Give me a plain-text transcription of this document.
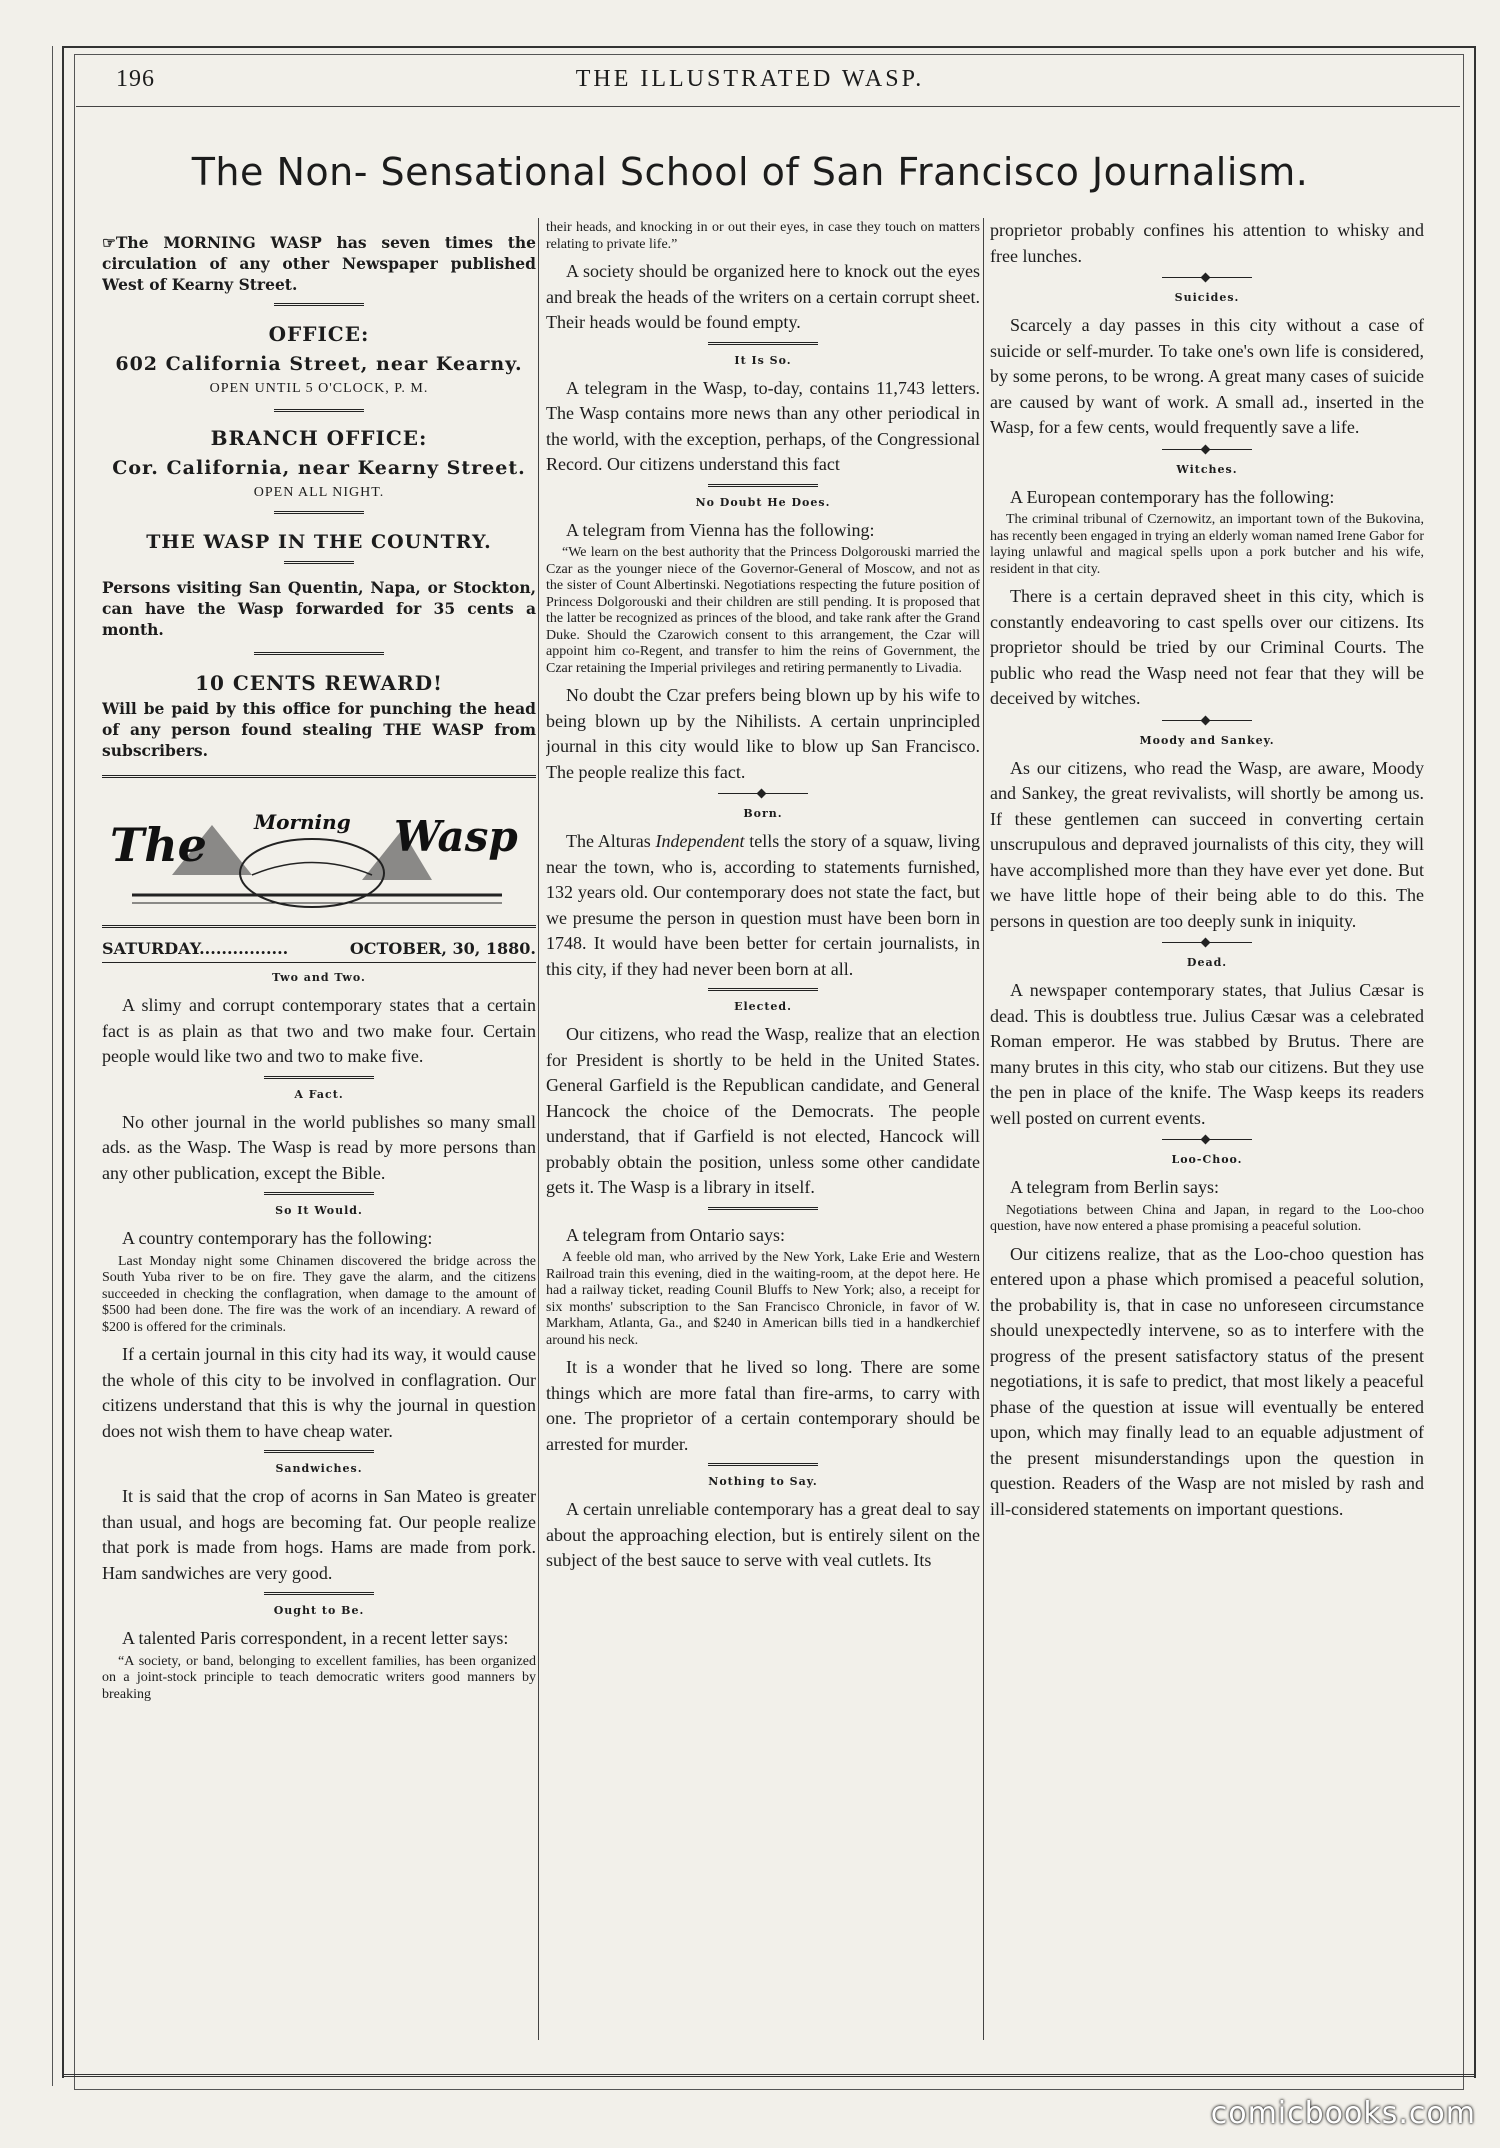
196	THE ILLUSTRATED WASP.
The Non- Sensational School of San Francisco Journalism.
☞The MORNING WASP has seven times the circulation of any other Newspaper published West of Kearny Street.
OFFICE:
602 California Street, near Kearny.
OPEN UNTIL 5 O'CLOCK, P. M.
BRANCH OFFICE:
Cor. California, near Kearny Street.
OPEN ALL NIGHT.
THE WASP IN THE COUNTRY.
Persons visiting San Quentin, Napa, or Stockton, can have the Wasp forwarded for 35 cents a month.
10 CENTS REWARD!
Will be paid by this office for punching the head of any person found stealing THE WASP from subscribers.
The Morning Wasp
SATURDAY................	OCTOBER, 30, 1880.
Two and Two.

A slimy and corrupt contemporary states that a certain fact is as plain as that two and two make four. Certain people would like two and two to make five.

A Fact.

No other journal in the world publishes so many small ads. as the Wasp. The Wasp is read by more persons than any other publication, except the Bible.

So It Would.

A country contemporary has the following:

Last Monday night some Chinamen discovered the bridge across the South Yuba river to be on fire. They gave the alarm, and the citizens succeeded in checking the conflagration, when damage to the amount of $500 had been done. The fire was the work of an incendiary. A reward of $200 is offered for the criminals.

If a certain journal in this city had its way, it would cause the whole of this city to be involved in conflagration. Our citizens understand that this is why the journal in question does not wish them to have cheap water.

Sandwiches.

It is said that the crop of acorns in San Mateo is greater than usual, and hogs are becoming fat. Our people realize that pork is made from hogs. Hams are made from pork. Ham sandwiches are very good.

Ought to Be.

A talented Paris correspondent, in a recent letter says:

“A society, or band, belonging to excellent families, has been organized on a joint-stock principle to teach democratic writers good manners by breaking
their heads, and knocking in or out their eyes, in case they touch on matters relating to private life.”

A society should be organized here to knock out the eyes and break the heads of the writers on a certain corrupt sheet. Their heads would be found empty.

It Is So.

A telegram in the Wasp, to-day, contains 11,743 letters. The Wasp contains more news than any other periodical in the world, with the exception, perhaps, of the Congressional Record. Our citizens understand this fact

No Doubt He Does.

A telegram from Vienna has the following:

“We learn on the best authority that the Princess Dolgorouski married the Czar as the younger niece of the Governor-General of Moscow, and not as the sister of Count Albertinski. Negotiations respecting the future position of Princess Dolgorouski and their children are still pending. It is proposed that the latter be recognized as princes of the blood, and take rank after the Grand Duke. Should the Czarowich consent to this arrangement, the Czar will appoint him co-Regent, and transfer to him the reins of Government, the Czar retaining the Imperial privileges and retiring permanently to Livadia.

No doubt the Czar prefers being blown up by his wife to being blown up by the Nihilists. A certain unprincipled journal in this city would like to blow up San Francisco. The people realize this fact.

Born.

The Alturas Independent tells the story of a squaw, living near the town, who is, according to statements furnished, 132 years old. Our contemporary does not state the fact, but we presume the person in question must have been born in 1748. It would have been better for certain journalists, in this city, if they had never been born at all.

Elected.

Our citizens, who read the Wasp, realize that an election for President is shortly to be held in the United States. General Garfield is the Republican candidate, and General Hancock the choice of the Democrats. The people understand, that if Garfield is not elected, Hancock will probably obtain the position, unless some other candidate gets it. The Wasp is a library in itself.

A telegram from Ontario says:

A feeble old man, who arrived by the New York, Lake Erie and Western Railroad train this evening, died in the waiting-room, at the depot here. He had a railway ticket, reading Counil Bluffs to New York; also, a receipt for six months' subscription to the San Francisco Chronicle, in favor of W. Markham, Atlanta, Ga., and $240 in American bills tied in a handkerchief around his neck.

It is a wonder that he lived so long. There are some things which are more fatal than fire-arms, to carry with one. The proprietor of a certain contemporary should be arrested for murder.

Nothing to Say.

A certain unreliable contemporary has a great deal to say about the approaching election, but is entirely silent on the subject of the best sauce to serve with veal cutlets. Its

proprietor probably confines his attention to whisky and free lunches.

Suicides.

Scarcely a day passes in this city without a case of suicide or self-murder. To take one's own life is considered, by some perons, to be wrong. A great many cases of suicide are caused by want of work. A small ad., inserted in the Wasp, for a few cents, would frequently save a life.

Witches.

A European contemporary has the following:

The criminal tribunal of Czernowitz, an important town of the Bukovina, has recently been engaged in trying an elderly woman named Irene Gabor for laying unlawful and magical spells upon a pork butcher and his wife, resident in that city.

There is a certain depraved sheet in this city, which is constantly endeavoring to cast spells over our citizens. Its proprietor should be tried by our Criminal Courts. The public who read the Wasp need not fear that they will be deceived by witches.

Moody and Sankey.

As our citizens, who read the Wasp, are aware, Moody and Sankey, the great revivalists, will shortly be among us. If these gentlemen can succeed in converting certain unscrupulous and depraved journalists of this city, they will have accomplished more than they have ever yet done. But we have little hope of their being able to do this. The persons in question are too deeply sunk in iniquity.

Dead.

A newspaper contemporary states, that Julius Cæsar is dead. This is doubtless true. Julius Cæsar was a celebrated Roman emperor. He was stabbed by Brutus. There are many brutes in this city, who stab our citizens. But they use the pen in place of the knife. The Wasp keeps its readers well posted on current events.

Loo-Choo.

A telegram from Berlin says:

Negotiations between China and Japan, in regard to the Loo-choo question, have now entered a phase promising a peaceful solution.

Our citizens realize, that as the Loo-choo question has entered upon a phase which promised a peaceful solution, the probability is, that in case no unforeseen circumstance should unexpectedly intervene, so as to interfere with the progress of the present satisfactory status of the present negotiations, it is safe to predict, that most likely a peaceful phase of the question at issue will eventually be entered upon, which may finally lead to an equable adjustment of the present misunderstandings upon the question in question. Readers of the Wasp are not misled by rash and ill-considered statements on important questions.

comicbooks.com
